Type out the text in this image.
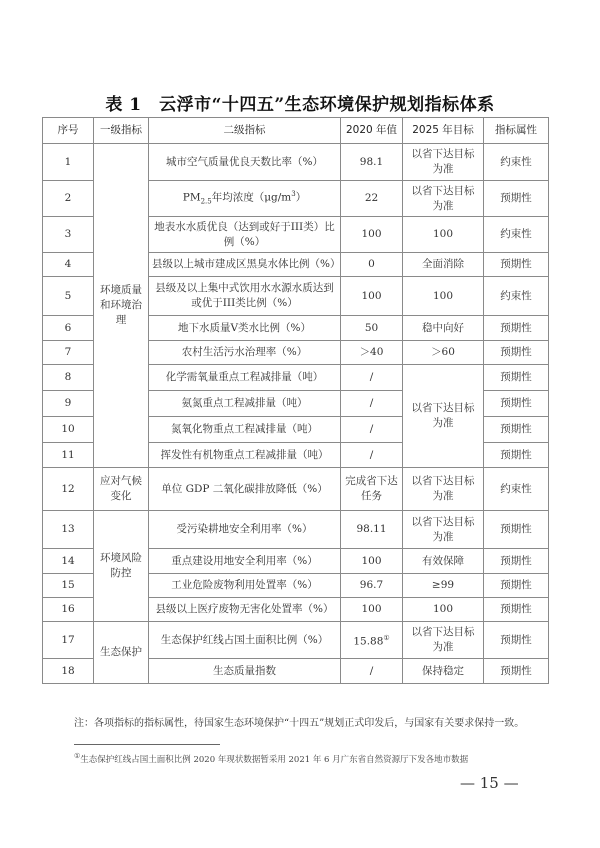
表 1　云浮市“十四五”生态环境保护规划指标体系
序号	一级指标	二级指标	2020 年值	2025 年目标	指标属性
1	环境质量和环境治理	城市空气质量优良天数比率（%）	98.1	以省下达目标为准	约束性
2		$PM_{2.5}$年均浓度$(\mu g/m^3)$	22	以省下达目标为准	预期性
3		地表水水质优良（达到或好于III类）比例（%）	100	100	约束性
4		县级以上城市建成区黑臭水体比例（%）	0	全面消除	预期性
5		县级及以上集中式饮用水水源水质达到或优于III类比例（%）	100	100	约束性
6		地下水质量Ⅴ类水比例（%）	50	稳中向好	预期性
7		农村生活污水治理率（%）	＞40	＞60	预期性
8		化学需氧量重点工程减排量（吨）	/	以省下达目标为准	预期性
9		氨氮重点工程减排量（吨）	/		预期性
10		氮氧化物重点工程减排量（吨）	/		预期性
11		挥发性有机物重点工程减排量（吨）	/		预期性
12	应对气候变化	单位 GDP 二氧化碳排放降低（%）	完成省下达任务	以省下达目标为准	约束性
13	环境风险防控	受污染耕地安全利用率（%）	98.11	以省下达目标为准	预期性
14		重点建设用地安全利用率（%）	100	有效保障	预期性
15		工业危险废物利用处置率（%）	96.7	≥99	预期性
16		县级以上医疗废物无害化处置率（%）	100	100	预期性
17	生态保护	生态保护红线占国土面积比例（%）	15.88①	以省下达目标为准	预期性
18		生态质量指数	/	保持稳定	预期性
注：各项指标的指标属性，待国家生态环境保护“十四五”规划正式印发后，与国家有关要求保持一致。
①生态保护红线占国土面积比例 2020 年现状数据暂采用 2021 年 6 月广东省自然资源厅下发各地市数据
— 15 —
